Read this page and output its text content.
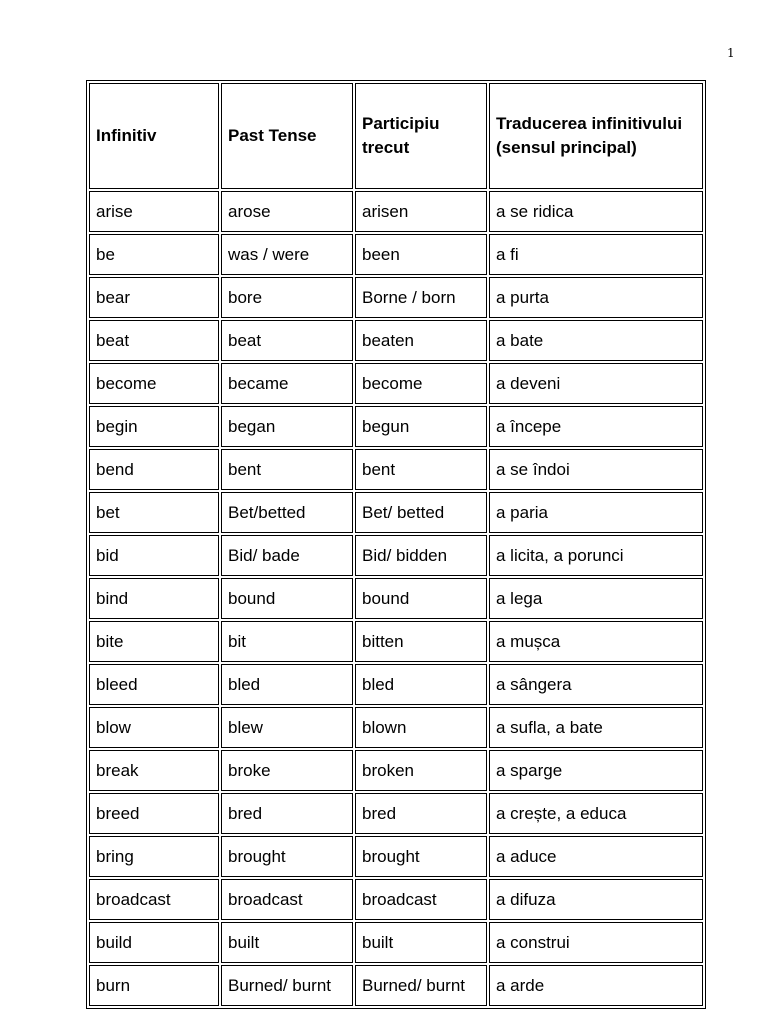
1
Infinitiv	Past Tense	Participiu trecut	Traducerea infinitivului (sensul principal)
arise	arose	arisen	a se ridica
be	was / were	been	a fi
bear	bore	Borne / born	a purta
beat	beat	beaten	a bate
become	became	become	a deveni
begin	began	begun	a începe
bend	bent	bent	a se îndoi
bet	Bet/betted	Bet/ betted	a paria
bid	Bid/ bade	Bid/ bidden	a licita, a porunci
bind	bound	bound	a lega
bite	bit	bitten	a mușca
bleed	bled	bled	a sângera
blow	blew	blown	a sufla, a bate
break	broke	broken	a sparge
breed	bred	bred	a crește, a educa
bring	brought	brought	a aduce
broadcast	broadcast	broadcast	a difuza
build	built	built	a construi
burn	Burned/ burnt	Burned/ burnt	a arde
